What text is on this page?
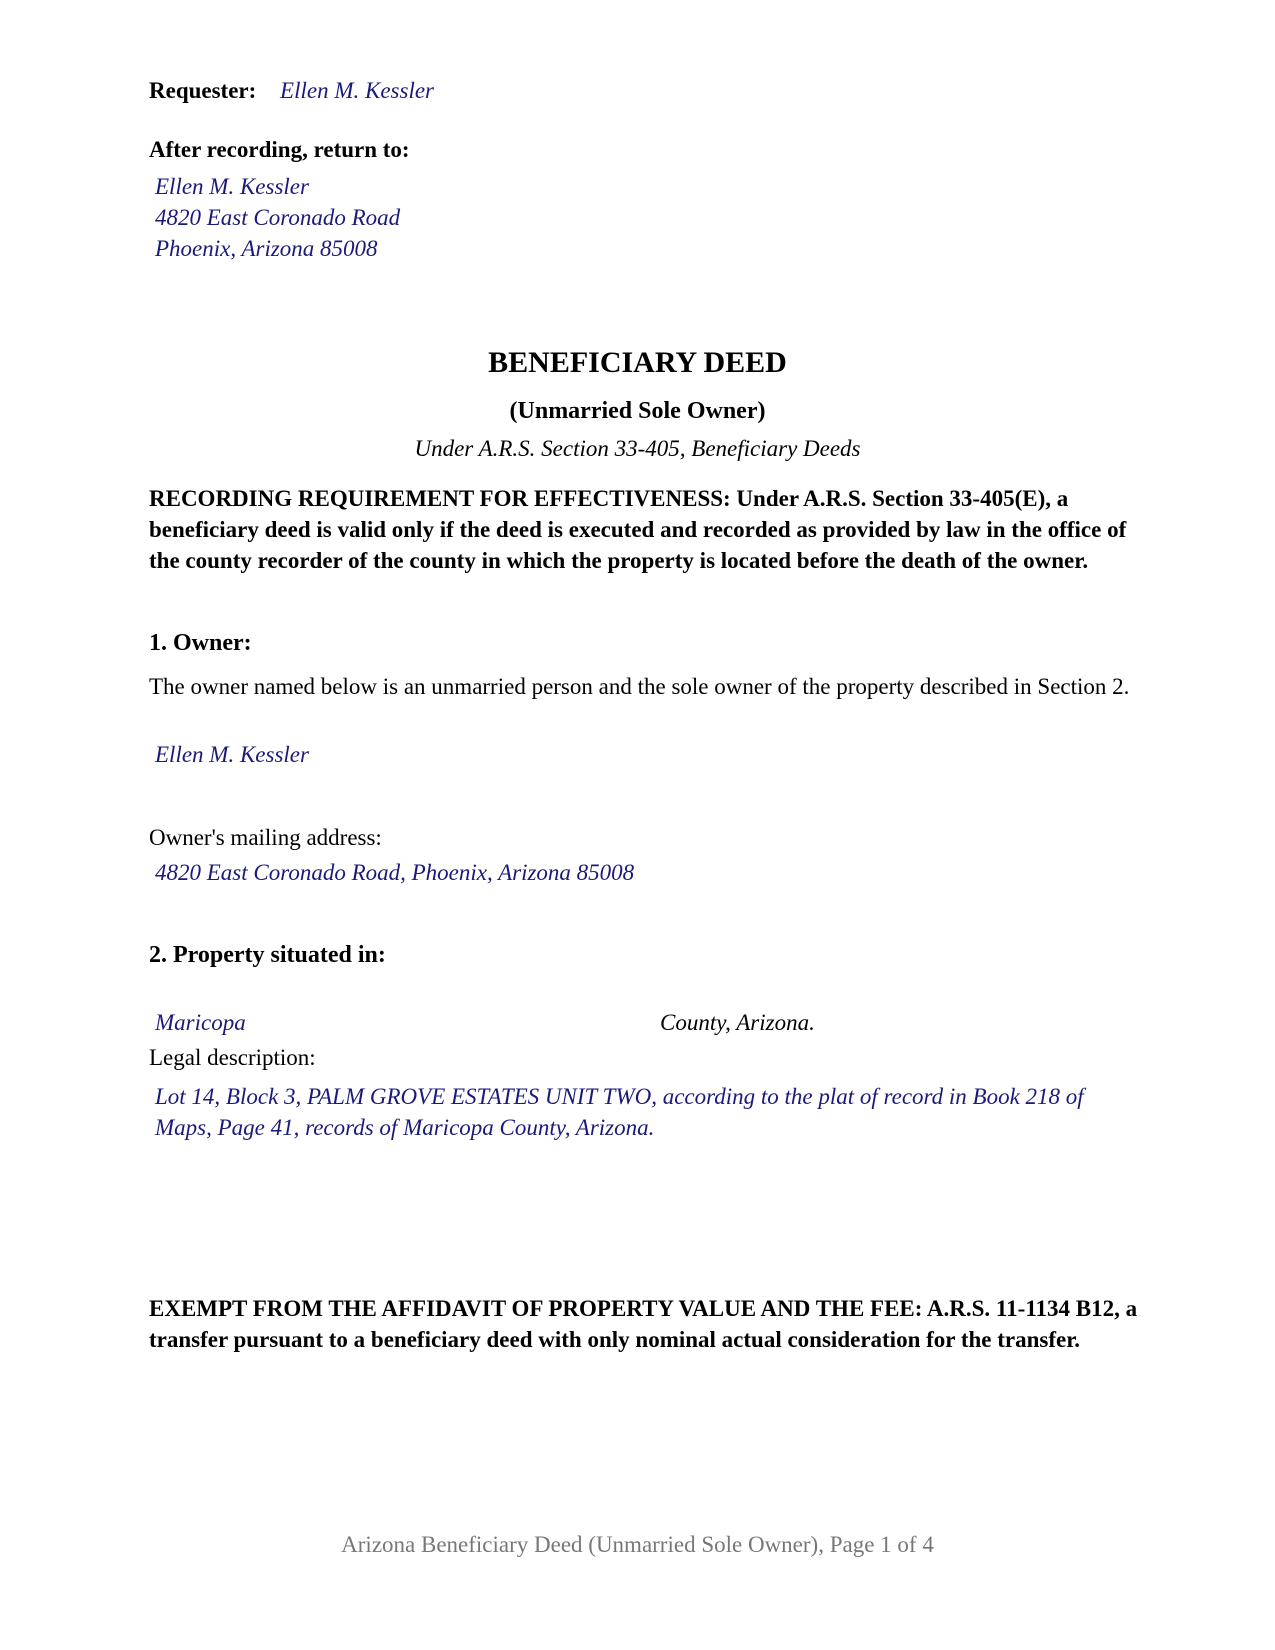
Requester: Ellen M. Kessler
After recording, return to:
Ellen M. Kessler
4820 East Coronado Road
Phoenix, Arizona 85008
BENEFICIARY DEED
(Unmarried Sole Owner)
Under A.R.S. Section 33-405, Beneficiary Deeds
RECORDING REQUIREMENT FOR EFFECTIVENESS: Under A.R.S. Section 33-405(E), a beneficiary deed is valid only if the deed is executed and recorded as provided by law in the office of the county recorder of the county in which the property is located before the death of the owner.
1. Owner:
The owner named below is an unmarried person and the sole owner of the property described in Section 2.
Ellen M. Kessler
Owner's mailing address:
4820 East Coronado Road, Phoenix, Arizona 85008
2. Property situated in:
Maricopa	County, Arizona.
Legal description:
Lot 14, Block 3, PALM GROVE ESTATES UNIT TWO, according to the plat of record in Book 218 of Maps, Page 41, records of Maricopa County, Arizona.
EXEMPT FROM THE AFFIDAVIT OF PROPERTY VALUE AND THE FEE: A.R.S. 11-1134 B12, a transfer pursuant to a beneficiary deed with only nominal actual consideration for the transfer.
Arizona Beneficiary Deed (Unmarried Sole Owner), Page 1 of 4
